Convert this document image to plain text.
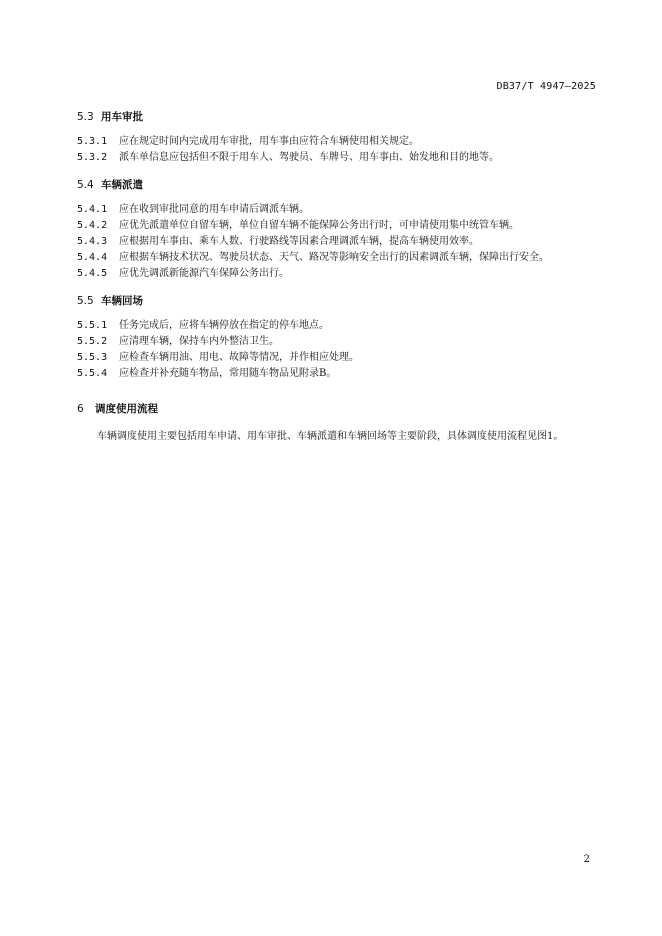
DB37/T 4947—2025
5.3 用车审批

5.3.1 应在规定时间内完成用车审批，用车事由应符合车辆使用相关规定。

5.3.2 派车单信息应包括但不限于用车人、驾驶员、车牌号、用车事由、始发地和目的地等。

5.4 车辆派遣

5.4.1 应在收到审批同意的用车申请后调派车辆。

5.4.2 应优先派遣单位自留车辆，单位自留车辆不能保障公务出行时，可申请使用集中统管车辆。

5.4.3 应根据用车事由、乘车人数、行驶路线等因素合理调派车辆，提高车辆使用效率。

5.4.4 应根据车辆技术状况、驾驶员状态、天气、路况等影响安全出行的因素调派车辆，保障出行安全。

5.4.5 应优先调派新能源汽车保障公务出行。

5.5 车辆回场

5.5.1 任务完成后，应将车辆停放在指定的停车地点。

5.5.2 应清理车辆，保持车内外整洁卫生。

5.5.3 应检查车辆用油、用电、故障等情况，并作相应处理。

5.5.4 应检查并补充随车物品，常用随车物品见附录B。

6 调度使用流程

车辆调度使用主要包括用车申请、用车审批、车辆派遣和车辆回场等主要阶段，具体调度使用流程见图1。

2
